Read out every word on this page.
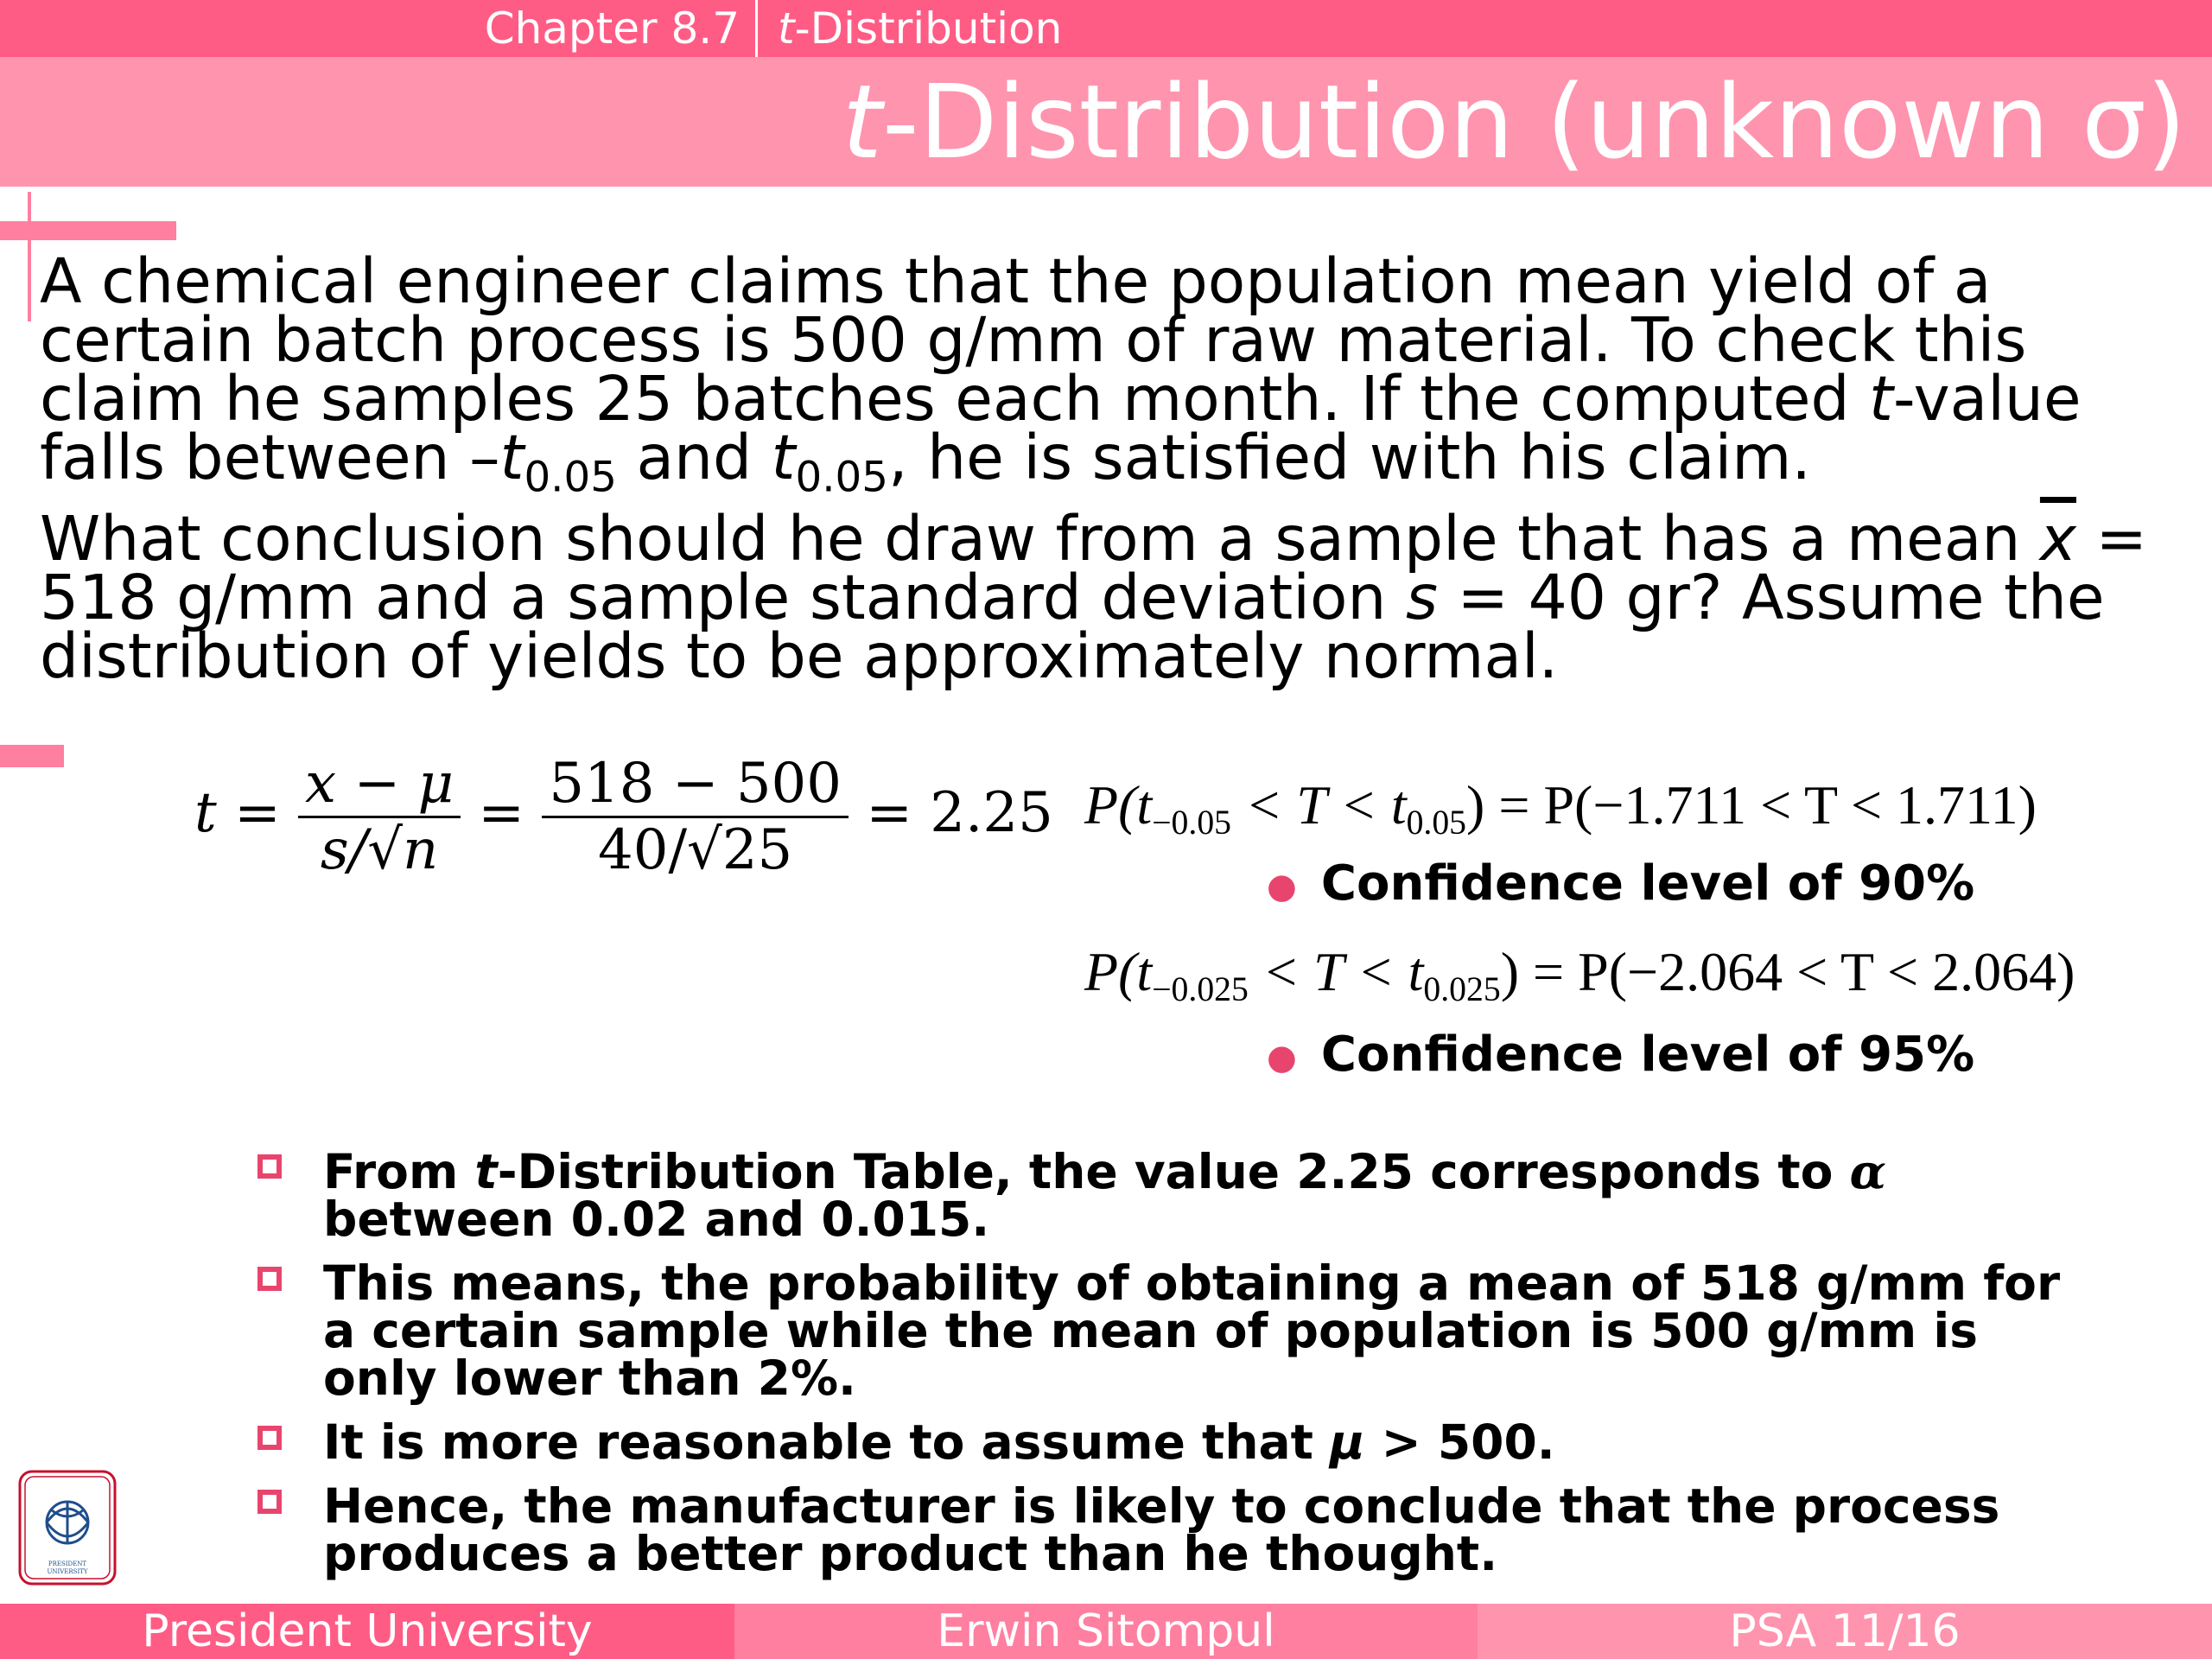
Chapter 8.7 t-Distribution
t-Distribution (unknown σ)

A chemical engineer claims that the population mean yield of a

certain batch process is 500 g/mm of raw material. To check this

claim he samples 25 batches each month. If the computed t-value

falls between $-t_{0.05}$ and $t_{0.05}$, he is satisfied with his claim.

What conclusion should he draw from a sample that has a mean $\overline{x}$ =

518 g/mm and a sample standard deviation s = 40 gr? Assume the

distribution of yields to be approximately normal.

$t = \frac{x - \mu}{s/√n} = \frac{518 - 500}{40/√25} = 2.25$ $P(t_{-0.05} < T < t_{0.05}) = P(-1.711 < T < 1.711)$
● Confidence level of 90%
$P(t_{-0.025} < T < t_{0.025}) = P(-2.064 < T < 2.064)$
● Confidence level of 95%
From t-Distribution Table, the value 2.25 corresponds to α
between 0.02 and 0.015.
This means, the probability of obtaining a mean of 518 g/mm for
a certain sample while the mean of population is 500 g/mm is
only lower than 2%.
It is more reasonable to assume that μ > 500.
Hence, the manufacturer is likely to conclude that the process
produces a better product than he thought.
PRESIDENT
UNIVERSITY
President University	Erwin Sitompul	PSA 11/16
